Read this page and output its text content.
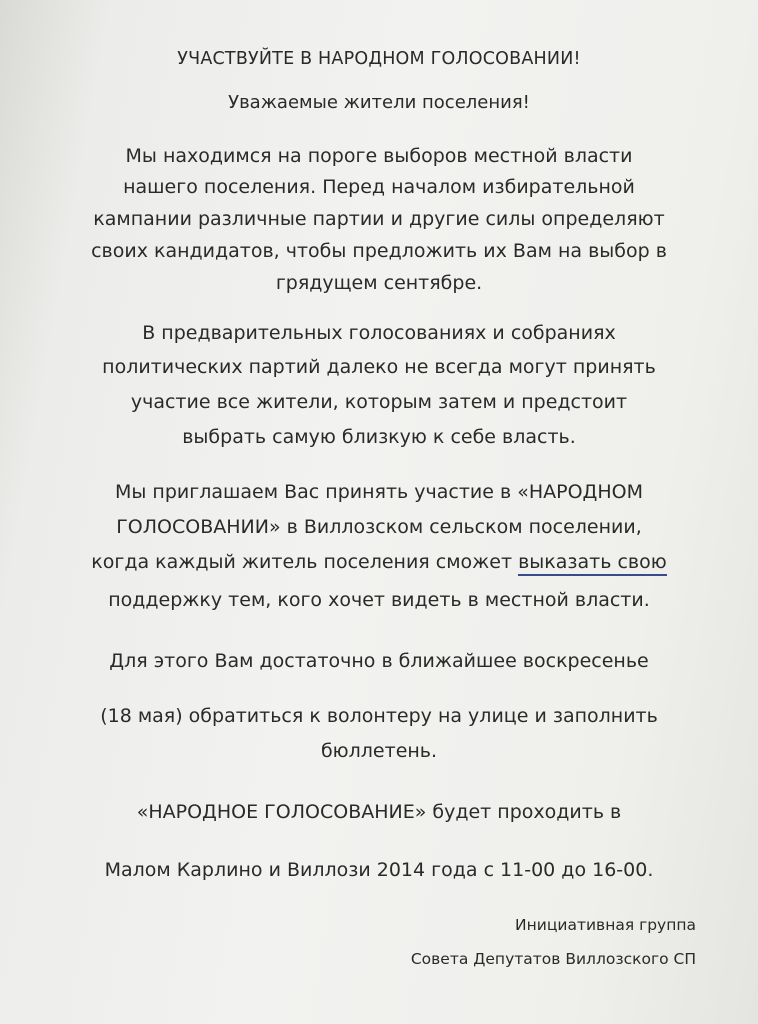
УЧАСТВУЙТЕ В НАРОДНОМ ГОЛОСОВАНИИ!
Уважаемые жители поселения!
Мы находимся на пороге выборов местной власти
нашего поселения. Перед началом избирательной
кампании различные партии и другие силы определяют
своих кандидатов, чтобы предложить их Вам на выбор в
грядущем сентябре.
В предварительных голосованиях и собраниях
политических партий далеко не всегда могут принять
участие все жители, которым затем и предстоит
выбрать самую близкую к себе власть.
Мы приглашаем Вас принять участие в «НАРОДНОМ
ГОЛОСОВАНИИ» в Виллозском сельском поселении,
когда каждый житель поселения сможет выказать свою
поддержку тем, кого хочет видеть в местной власти.
Для этого Вам достаточно в ближайшее воскресенье
(18 мая) обратиться к волонтеру на улице и заполнить
бюллетень.
«НАРОДНОЕ ГОЛОСОВАНИЕ» будет проходить в
Малом Карлино и Виллози 2014 года с 11-00 до 16-00.
Инициативная группа
Совета Депутатов Виллозского СП
